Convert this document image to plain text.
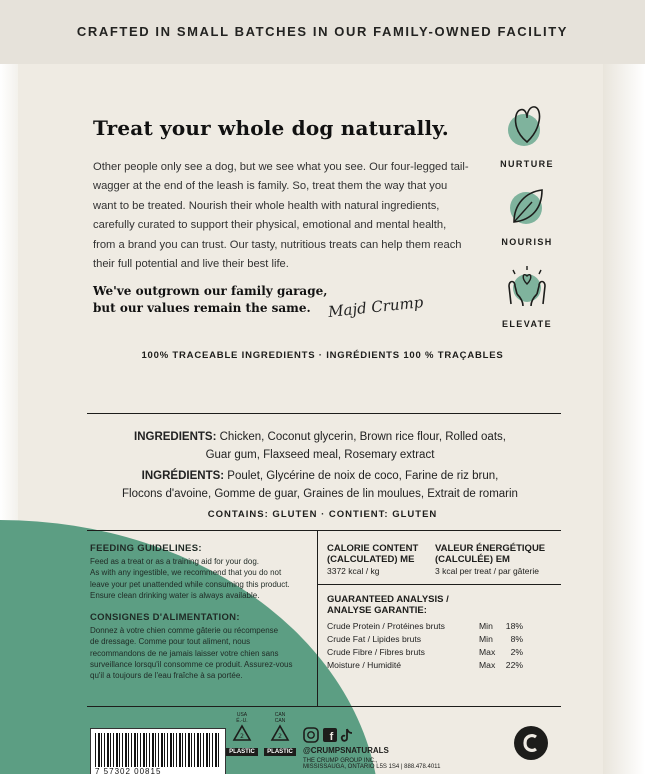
CRAFTED IN SMALL BATCHES IN OUR FAMILY-OWNED FACILITY
Treat your whole dog naturally.
Other people only see a dog, but we see what you see. Our four-legged tail-wagger at the end of the leash is family. So, treat them the way that you want to be treated. Nourish their whole health with natural ingredients, carefully curated to support their physical, emotional and mental health, from a brand you can trust. Our tasty, nutritious treats can help them reach their full potential and live their best life.
We've outgrown our family garage,
but our values remain the same.	Majd Crump
NURTURE
NOURISH
ELEVATE
100% TRACEABLE INGREDIENTS · INGRÉDIENTS 100 % TRAÇABLES
INGREDIENTS: Chicken, Coconut glycerin, Brown rice flour, Rolled oats,
Guar gum, Flaxseed meal, Rosemary extract
INGRÉDIENTS: Poulet, Glycérine de noix de coco, Farine de riz brun,
Flocons d'avoine, Gomme de guar, Graines de lin moulues, Extrait de romarin
CONTAINS: GLUTEN · CONTIENT: GLUTEN
FEEDING GUIDELINES:
Feed as a treat or as a training aid for your dog.
As with any ingestible, we recommend that you do not
leave your pet unattended while consuming this product.
Ensure clean drinking water is always available.
CONSIGNES D'ALIMENTATION:
Donnez à votre chien comme gâterie ou récompense
de dressage. Comme pour tout aliment, nous
recommandons de ne jamais laisser votre chien sans
surveillance lorsqu'il consomme ce produit. Assurez-vous
qu'il a toujours de l'eau fraîche à sa portée.
CALORIE CONTENT
(CALCULATED) ME
3372 kcal / kg
VALEUR ÉNERGÉTIQUE
(CALCULÉE) EM
3 kcal per treat / par gâterie
GUARANTEED ANALYSIS /
ANALYSE GARANTIE:
Crude Protein / Protéines bruts	Min 18%
Crude Fat / Lipides bruts	Min 8%
Crude Fibre / Fibres bruts	Max 2%
Moisture / Humidité	Max 22%
7 57302 00815
USA
É.-U.
2
PLASTIC
CAN
CAN
2
PLASTIC
f
@CRUMPSNATURALS
THE CRUMP GROUP INC.,
MISSISSAUGA, ONTARIO L5S 1S4 | 888.478.4011
